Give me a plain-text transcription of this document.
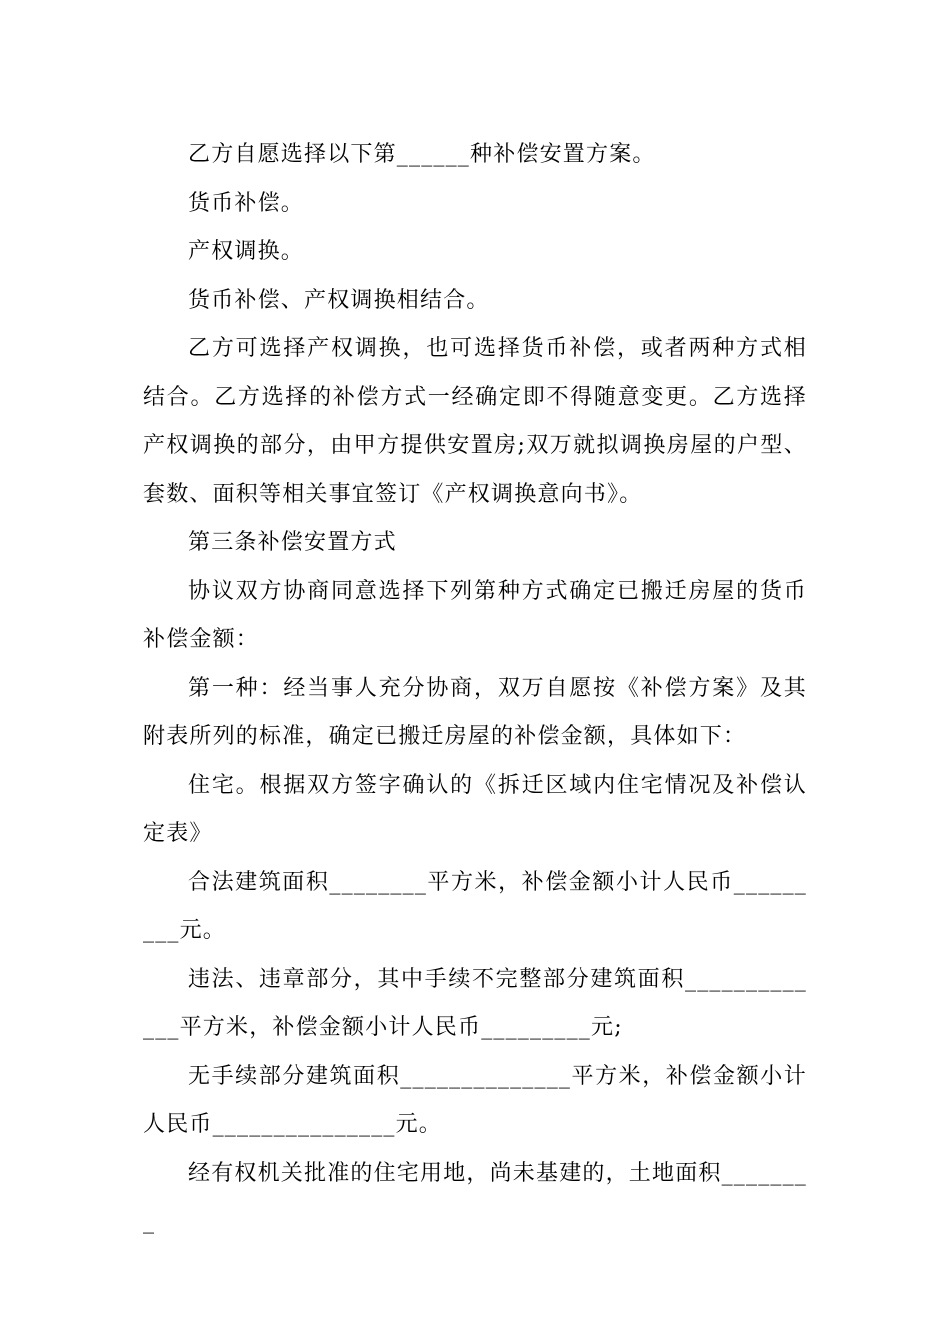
乙方自愿选择以下第______种补偿安置方案。

货币补偿。

产权调换。

货币补偿、产权调换相结合。

乙方可选择产权调换，也可选择货币补偿，或者两种方式相结合。乙方选择的补偿方式一经确定即不得随意变更。乙方选择产权调换的部分，由甲方提供安置房;双万就拟调换房屋的户型、套数、面积等相关事宜签订《产权调换意向书》。

第三条补偿安置方式

协议双方协商同意选择下列第种方式确定已搬迁房屋的货币补偿金额：

第一种：经当事人充分协商，双万自愿按《补偿方案》及其附表所列的标准，确定已搬迁房屋的补偿金额，具体如下：

住宅。根据双方签字确认的《拆迁区域内住宅情况及补偿认定表》

合法建筑面积________平方米，补偿金额小计人民币_________元。

违法、违章部分，其中手续不完整部分建筑面积_____________平方米，补偿金额小计人民币_________元;

无手续部分建筑面积______________平方米，补偿金额小计人民币_______________元。

经有权机关批准的住宅用地，尚未基建的，土地面积________
